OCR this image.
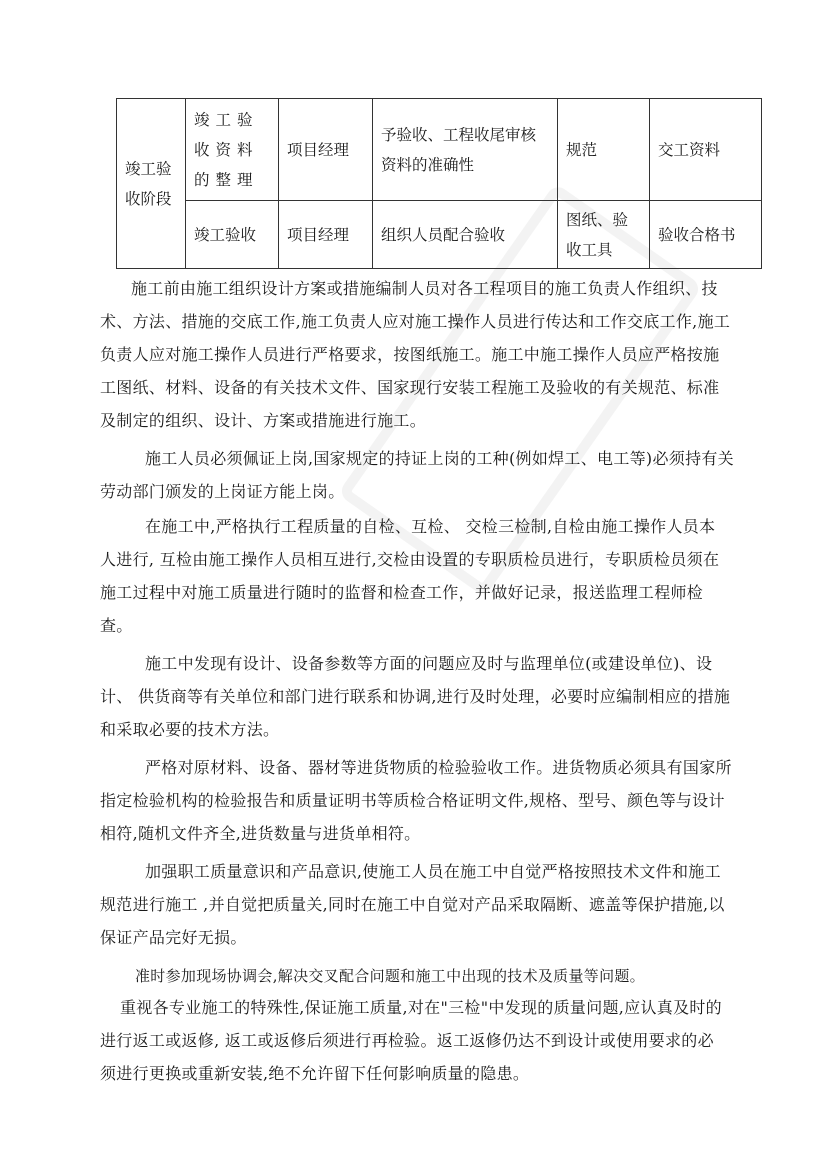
竣工验收阶段	竣工验收资料的整理	项目经理	予验收、工程收尾审核资料的准确性	规范	交工资料
	竣工验收	项目经理	组织人员配合验收	图纸、验收工具	验收合格书
施工前由施工组织设计方案或措施编制人员对各工程项目的施工负责人作组织、技
术、方法、措施的交底工作,施工负责人应对施工操作人员进行传达和工作交底工作,施工
负责人应对施工操作人员进行严格要求，按图纸施工。施工中施工操作人员应严格按施
工图纸、材料、设备的有关技术文件、国家现行安装工程施工及验收的有关规范、标准
及制定的组织、设计、方案或措施进行施工。
施工人员必须佩证上岗,国家规定的持证上岗的工种(例如焊工、电工等)必须持有关
劳动部门颁发的上岗证方能上岗。
在施工中,严格执行工程质量的自检、互检、 交检三检制,自检由施工操作人员本
人进行, 互检由施工操作人员相互进行,交检由设置的专职质检员进行，专职质检员须在
施工过程中对施工质量进行随时的监督和检查工作，并做好记录，报送监理工程师检
查。
施工中发现有设计、设备参数等方面的问题应及时与监理单位(或建设单位)、设
计、 供货商等有关单位和部门进行联系和协调,进行及时处理，必要时应编制相应的措施
和采取必要的技术方法。
严格对原材料、设备、器材等进货物质的检验验收工作。进货物质必须具有国家所
指定检验机构的检验报告和质量证明书等质检合格证明文件,规格、型号、颜色等与设计
相符,随机文件齐全,进货数量与进货单相符。
加强职工质量意识和产品意识,使施工人员在施工中自觉严格按照技术文件和施工
规范进行施工 ,并自觉把质量关,同时在施工中自觉对产品采取隔断、遮盖等保护措施,以
保证产品完好无损。
准时参加现场协调会,解决交叉配合问题和施工中出现的技术及质量等问题。
重视各专业施工的特殊性,保证施工质量,对在"三检"中发现的质量问题,应认真及时的
进行返工或返修, 返工或返修后须进行再检验。返工返修仍达不到设计或使用要求的必
须进行更换或重新安装,绝不允许留下任何影响质量的隐患。
